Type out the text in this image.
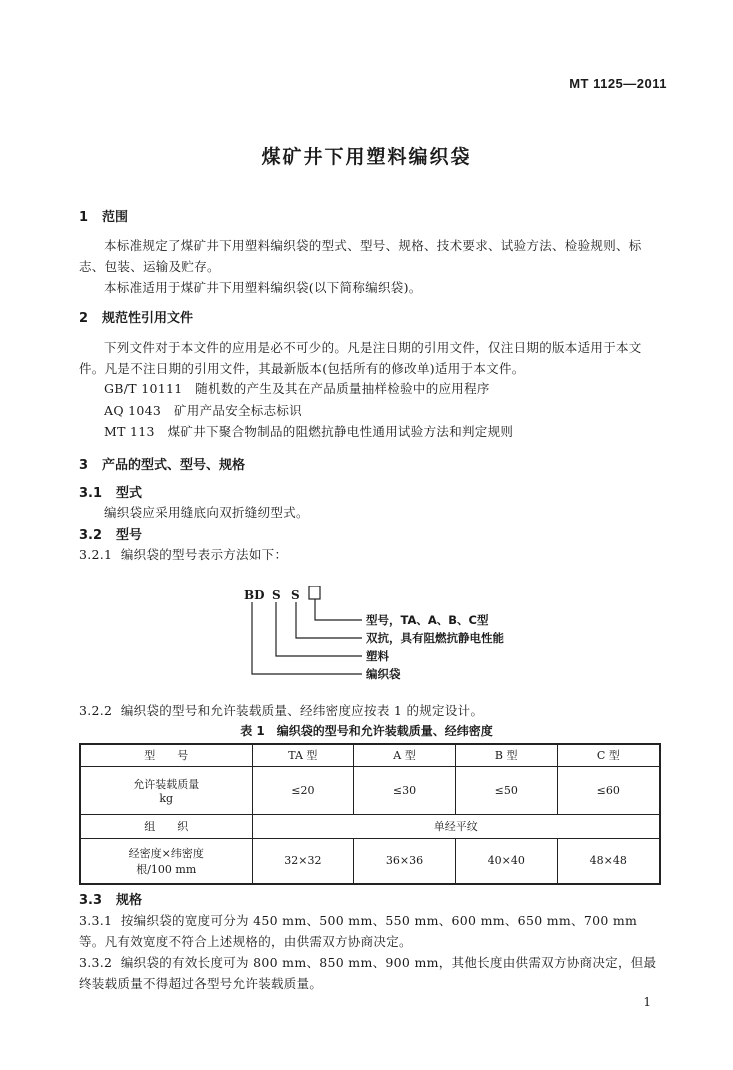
MT 1125—2011
煤矿井下用塑料编织袋
1 范围
本标准规定了煤矿井下用塑料编织袋的型式、型号、规格、技术要求、试验方法、检验规则、标志、包装、运输及贮存。
本标准适用于煤矿井下用塑料编织袋(以下简称编织袋)。
2 规范性引用文件
下列文件对于本文件的应用是必不可少的。凡是注日期的引用文件，仅注日期的版本适用于本文件。凡是不注日期的引用文件，其最新版本(包括所有的修改单)适用于本文件。
GB/T 10111 随机数的产生及其在产品质量抽样检验中的应用程序
AQ 1043 矿用产品安全标志标识
MT 113 煤矿井下聚合物制品的阻燃抗静电性通用试验方法和判定规则
3 产品的型式、型号、规格
3.1 型式
编织袋应采用缝底向双折缝纫型式。
3.2 型号
3.2.1 编织袋的型号表示方法如下：
BD S S
型号，TA、A、B、C型
双抗，具有阻燃抗静电性能
塑料
编织袋
3.2.2 编织袋的型号和允许装载质量、经纬密度应按表 1 的规定设计。
表 1　编织袋的型号和允许装载质量、经纬密度
型　　号	TA 型	A 型	B 型	C 型

允许装载质量
kg	≤20	≤30	≤50	≤60
组　　织	单经平纹			

经密度×纬密度
根/100 mm	32×32	36×36	40×40	48×48
3.3 规格
3.3.1 按编织袋的宽度可分为 450 mm、500 mm、550 mm、600 mm、650 mm、700 mm 等。凡有效宽度不符合上述规格的，由供需双方协商决定。
3.3.2 编织袋的有效长度可为 800 mm、850 mm、900 mm，其他长度由供需双方协商决定，但最终装载质量不得超过各型号允许装载质量。
1
